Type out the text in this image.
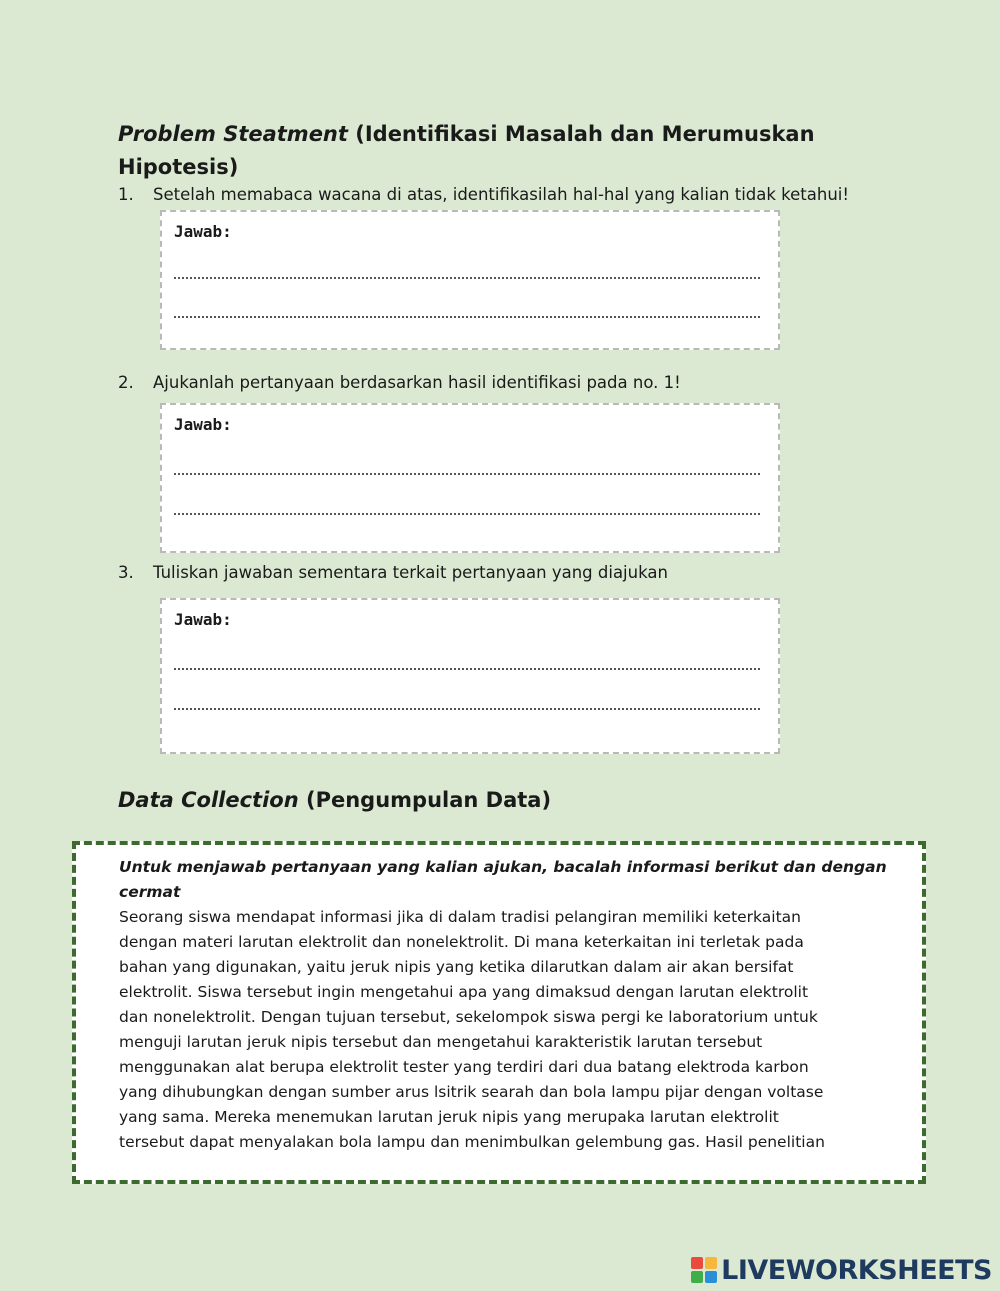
Problem Steatment (Identifikasi Masalah dan Merumuskan Hipotesis)
1. Setelah memabaca wacana di atas, identifikasilah hal-hal yang kalian tidak ketahui!
Jawab:
2. Ajukanlah pertanyaan berdasarkan hasil identifikasi pada no. 1!
Jawab:
3. Tuliskan jawaban sementara terkait pertanyaan yang diajukan
Jawab:
Data Collection (Pengumpulan Data)
Untuk menjawab pertanyaan yang kalian ajukan, bacalah informasi berikut dan dengan cermat
Seorang siswa mendapat informasi jika di dalam tradisi pelangiran memiliki keterkaitan
dengan materi larutan elektrolit dan nonelektrolit. Di mana keterkaitan ini terletak pada
bahan yang digunakan, yaitu jeruk nipis yang ketika dilarutkan dalam air akan bersifat
elektrolit. Siswa tersebut ingin mengetahui apa yang dimaksud dengan larutan elektrolit
dan nonelektrolit. Dengan tujuan tersebut, sekelompok siswa pergi ke laboratorium untuk
menguji larutan jeruk nipis tersebut dan mengetahui karakteristik larutan tersebut
menggunakan alat berupa elektrolit tester yang terdiri dari dua batang elektroda karbon
yang dihubungkan dengan sumber arus lsitrik searah dan bola lampu pijar dengan voltase
yang sama. Mereka menemukan larutan jeruk nipis yang merupaka larutan elektrolit
tersebut dapat menyalakan bola lampu dan menimbulkan gelembung gas. Hasil penelitian
LIVEWORKSHEETS
